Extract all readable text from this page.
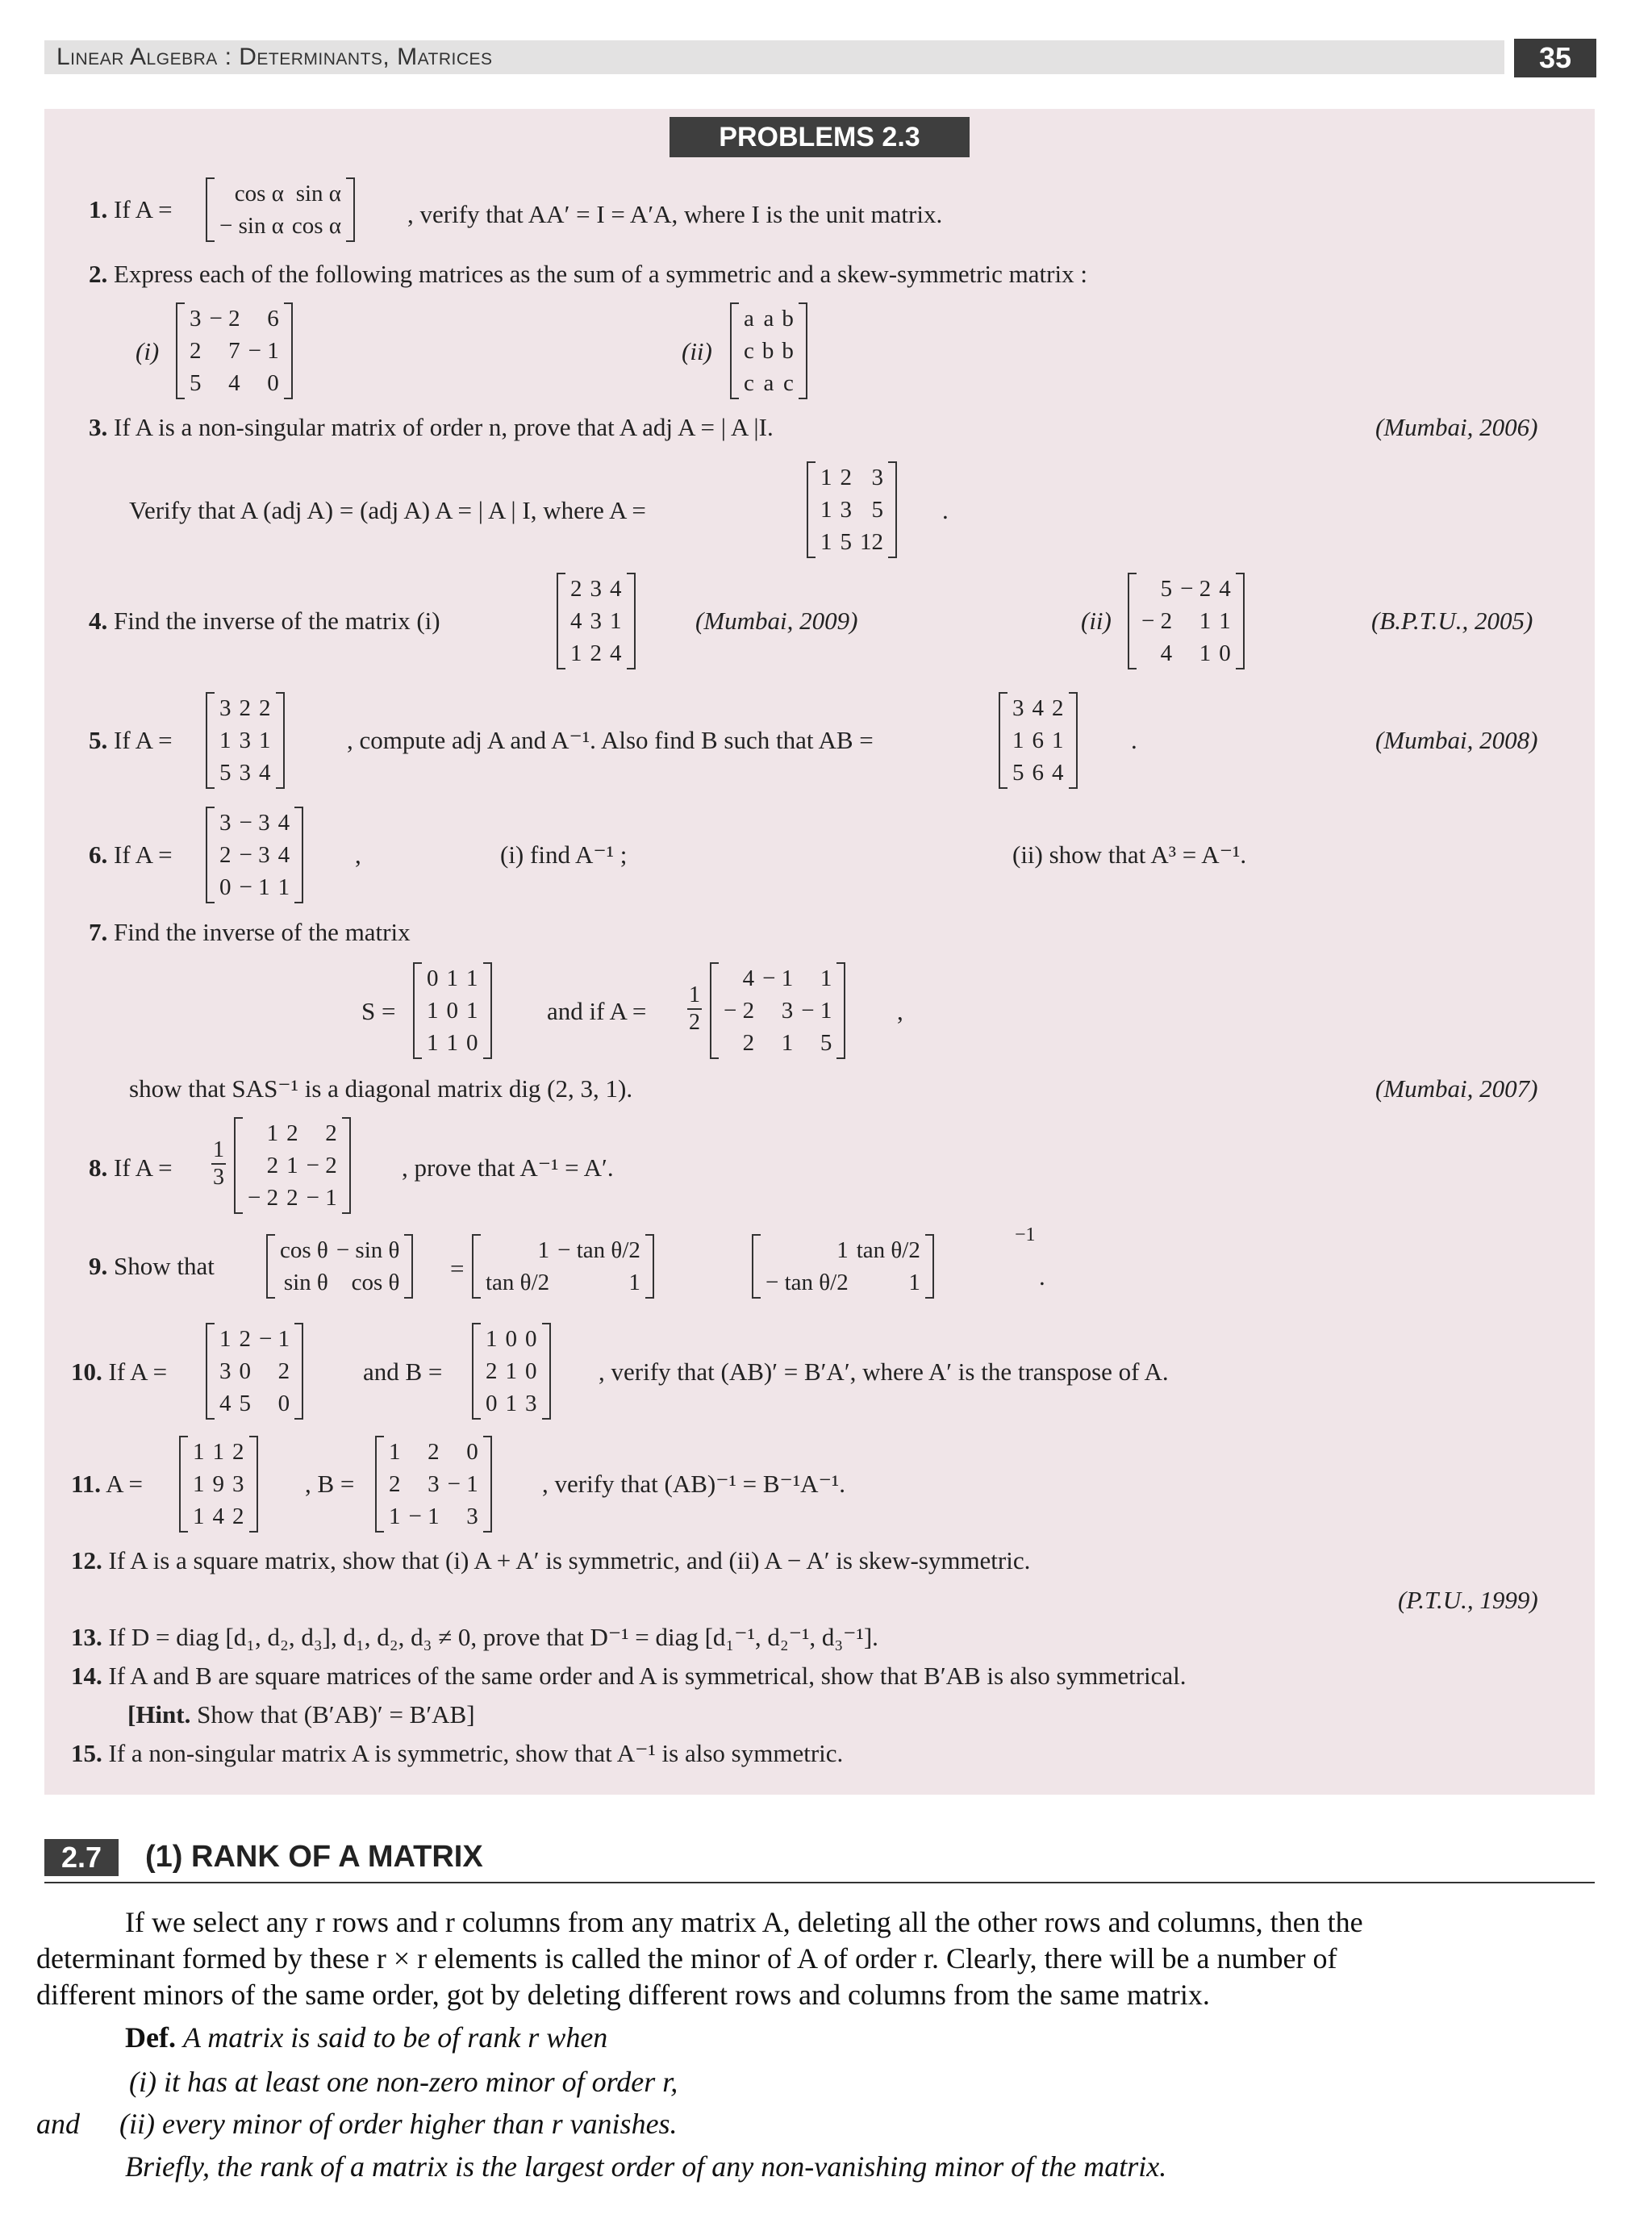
Linear Algebra : Determinants, Matrices	35
PROBLEMS 2.3
1. If A =
cos α	sin α
− sin α	cos α	, verify that AA′ = I = A′A, where I is the unit matrix.
2. Express each of the following matrices as the sum of a symmetric and a skew-symmetric matrix :
(i)
3	− 2	6
2	7	− 1
5	4	0
(ii)
a	a	b
c	b	b
c	a	c
3. If A is a non-singular matrix of order n, prove that A adj A = | A |I.	(Mumbai, 2006)
Verify that A (adj A) = (adj A) A = | A | I, where A =
1	2	3
1	3	5
1	5	12
.
4. Find the inverse of the matrix (i)
2	3	4
4	3	1
1	2	4
(Mumbai, 2009)	(ii)
5	− 2	4
− 2	1	1
4	1	0
(B.P.T.U., 2005)
5. If A =
3	2	2
1	3	1
5	3	4
, compute adj A and A⁻¹. Also find B such that AB =
3	4	2
1	6	1
5	6	4
.	(Mumbai, 2008)
6. If A =
3	− 3	4
2	− 3	4
0	− 1	1
,	(i) find A⁻¹ ;	(ii) show that A³ = A⁻¹.
7. Find the inverse of the matrix
S =
0	1	1
1	0	1
1	1	0
and if $A = \frac{1}{2}$
4	− 1	1
− 2	3	− 1
2	1	5
,
show that SAS⁻¹ is a diagonal matrix dig (2, 3, 1).	(Mumbai, 2007)
8. If $A = \frac{1}{3}$
1	2	2
2	1	− 2
− 2	2	− 1
, prove that A⁻¹ = A′.
9. Show that
cos θ	− sin θ
sin θ	cos θ =
1	− tan θ/2
tan θ/2	1
1	tan θ/2
− tan θ/2	1
−1
.
10. If A =
1	2	− 1
3	0	2
4	5	0
and B =
1	0	0
2	1	0
0	1	3
, verify that (AB)′ = B′A′, where A′ is the transpose of A.
11. A =
1	1	2
1	9	3
1	4	2
, B =
1	2	0
2	3	− 1
1	− 1	3
, verify that (AB)⁻¹ = B⁻¹A⁻¹.
12. If A is a square matrix, show that (i) A + A′ is symmetric, and (ii) A − A′ is skew-symmetric.
(P.T.U., 1999)
13. If D = diag [d₁, d₂, d₃], d₁, d₂, d₃ ≠ 0, prove that D⁻¹ = diag [d₁⁻¹, d₂⁻¹, d₃⁻¹].
14. If A and B are square matrices of the same order and A is symmetrical, show that B′AB is also symmetrical.
[Hint. Show that (B′AB)′ = B′AB]
15. If a non-singular matrix A is symmetric, show that A⁻¹ is also symmetric.
2.7	(1) RANK OF A MATRIX
If we select any r rows and r columns from any matrix A, deleting all the other rows and columns, then the
determinant formed by these r × r elements is called the minor of A of order r. Clearly, there will be a number of
different minors of the same order, got by deleting different rows and columns from the same matrix.
Def. A matrix is said to be of rank r when
(i) it has at least one non-zero minor of order r,
and (ii) every minor of order higher than r vanishes.
Briefly, the rank of a matrix is the largest order of any non-vanishing minor of the matrix.
